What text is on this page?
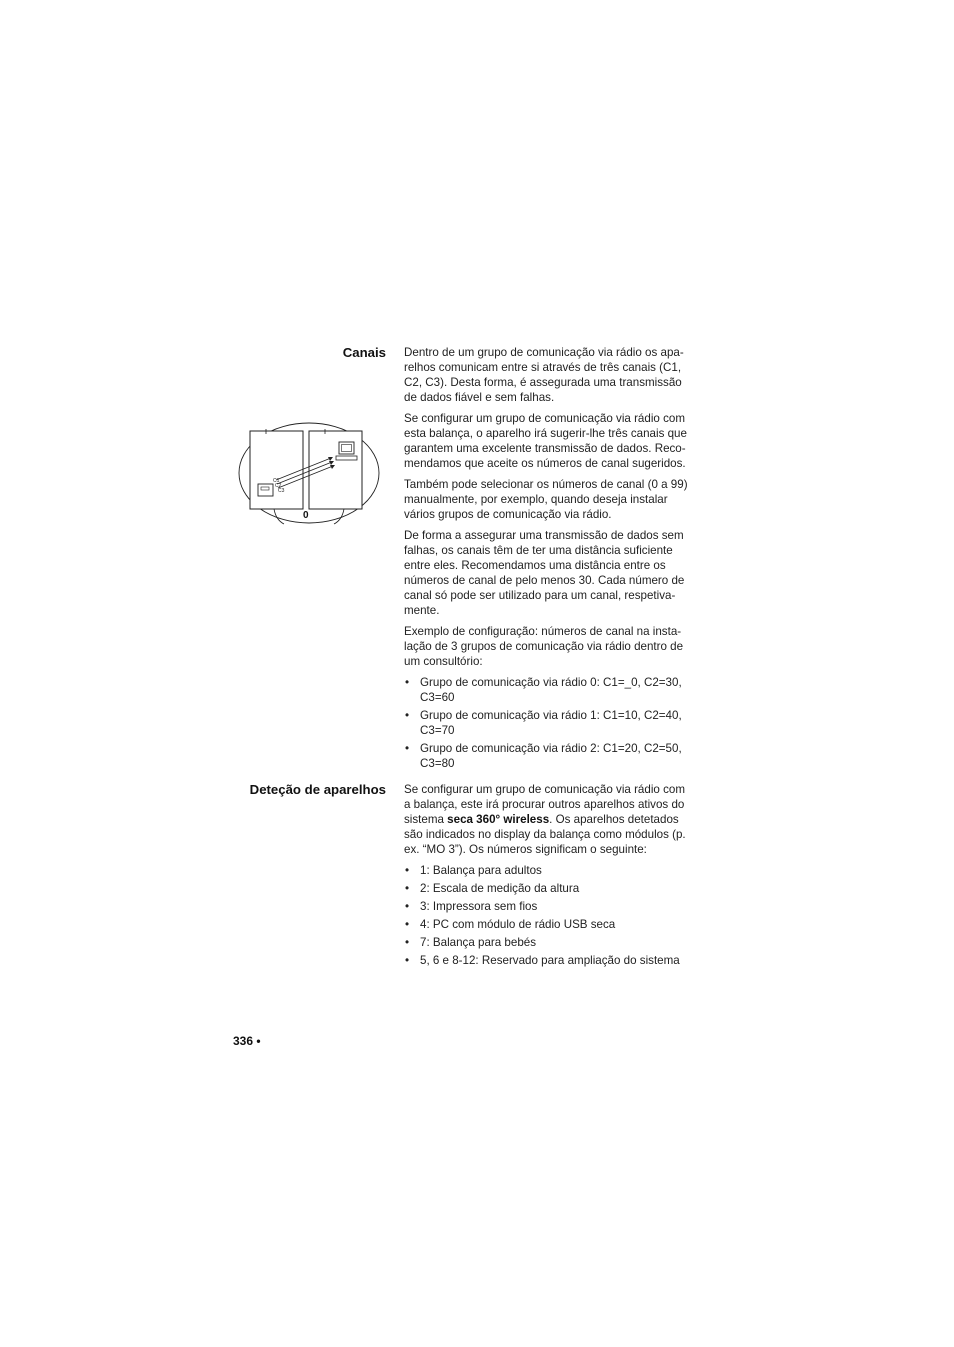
Canais Dentro de um grupo de comunicação via rádio os apa-relhos comunicam entre si através de três canais (C1, C2, C3). Desta forma, é assegurada uma transmissão de dados fiável e sem falhas.

Se configurar um grupo de comunicação via rádio com esta balança, o aparelho irá sugerir-lhe três canais que garantem uma excelente transmissão de dados. Reco-mendamos que aceite os números de canal sugeridos.

Também pode selecionar os números de canal (0 a 99) manualmente, por exemplo, quando deseja instalar vários grupos de comunicação via rádio.

De forma a assegurar uma transmissão de dados sem falhas, os canais têm de ter uma distância suficiente entre eles. Recomendamos uma distância entre os números de canal de pelo menos 30. Cada número de canal só pode ser utilizado para um canal, respetiva-mente.

Exemplo de configuração: números de canal na insta-lação de 3 grupos de comunicação via rádio dentro de um consultório:

• Grupo de comunicação via rádio 0: C1=_0, C2=30, C3=60
• Grupo de comunicação via rádio 1: C1=10, C2=40, C3=70
• Grupo de comunicação via rádio 2: C1=20, C2=50, C3=80
C1
C2
C3
0
Deteção de aparelhos Se configurar um grupo de comunicação via rádio com a balança, este irá procurar outros aparelhos ativos do sistema seca 360° wireless. Os aparelhos detetados são indicados no display da balança como módulos (p. ex. “MO 3”). Os números significam o seguinte:

• 1: Balança para adultos
• 2: Escala de medição da altura
• 3: Impressora sem fios
• 4: PC com módulo de rádio USB seca
• 7: Balança para bebés
• 5, 6 e 8-12: Reservado para ampliação do sistema
336 •
